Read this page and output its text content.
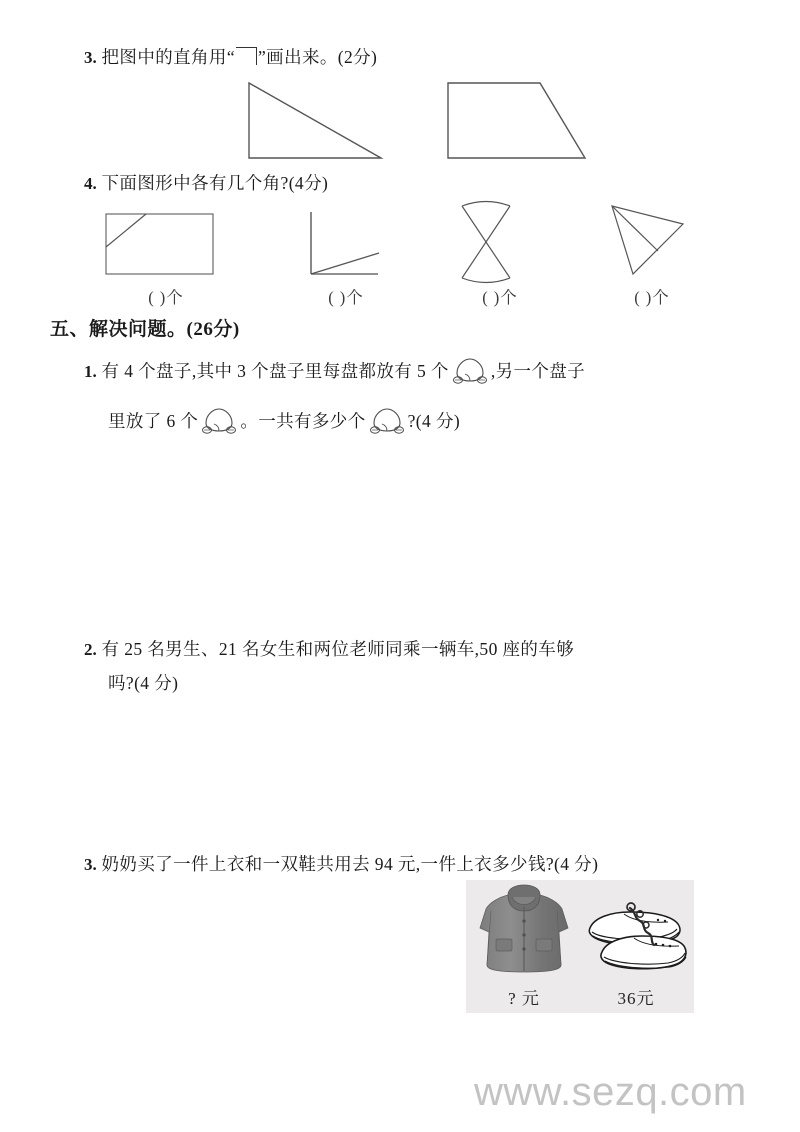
3. 把图中的直角用“ ”画出来。(2分)
4. 下面图形中各有几个角?(4分)
( )个	( )个	( )个	( )个
五、解决问题。(26分)
1. 有 4 个盘子,其中 3 个盘子里每盘都放有 5 个 ,另一个盘子
里放了 6 个 。一共有多少个 ?(4 分)
2. 有 25 名男生、21 名女生和两位老师同乘一辆车,50 座的车够
吗?(4 分)
3. 奶奶买了一件上衣和一双鞋共用去 94 元,一件上衣多少钱?(4 分)
? 元	36元
www.sezq.com
